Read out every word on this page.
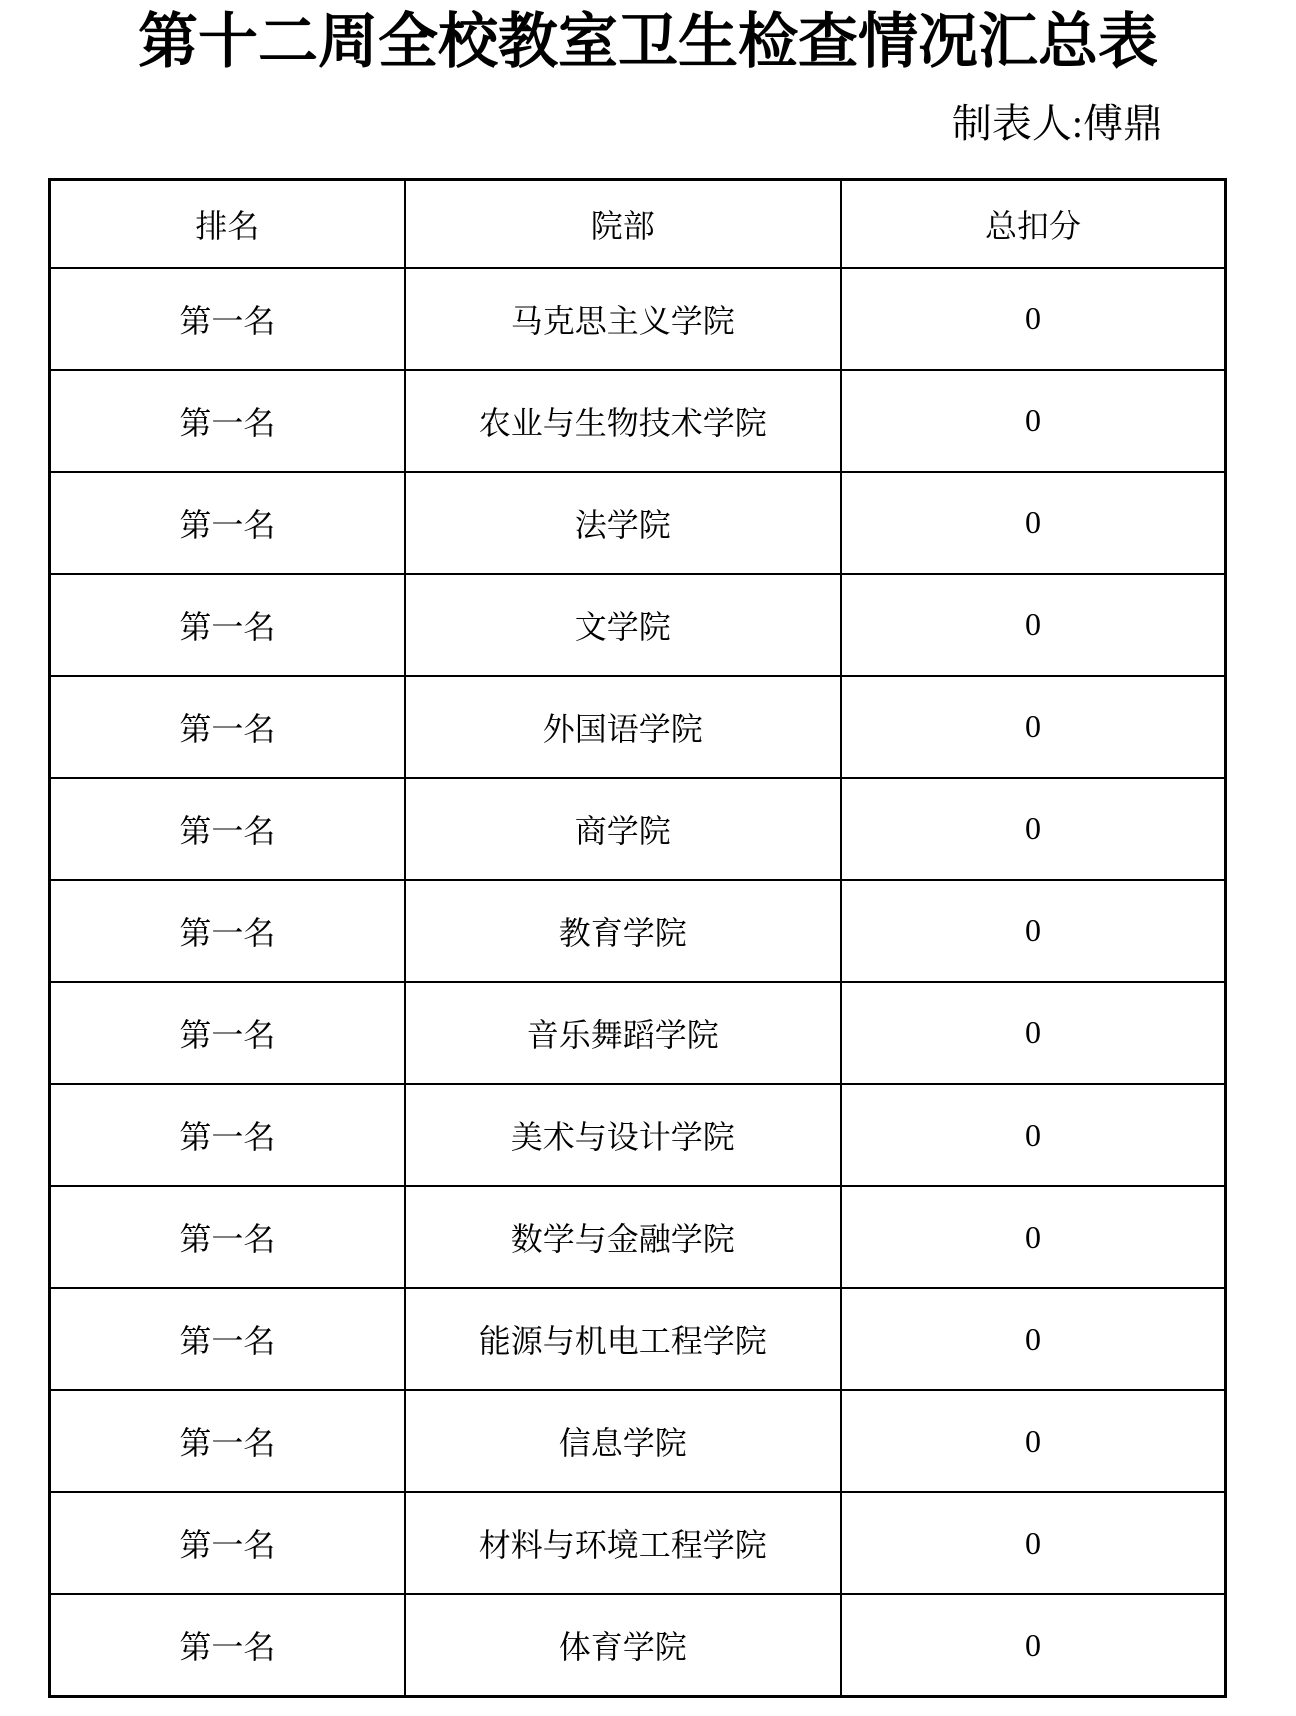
第十二周全校教室卫生检查情况汇总表
制表人:傅鼎
排名	院部	总扣分
第一名	马克思主义学院	0
第一名	农业与生物技术学院	0
第一名	法学院	0
第一名	文学院	0
第一名	外国语学院	0
第一名	商学院	0
第一名	教育学院	0
第一名	音乐舞蹈学院	0
第一名	美术与设计学院	0
第一名	数学与金融学院	0
第一名	能源与机电工程学院	0
第一名	信息学院	0
第一名	材料与环境工程学院	0
第一名	体育学院	0
